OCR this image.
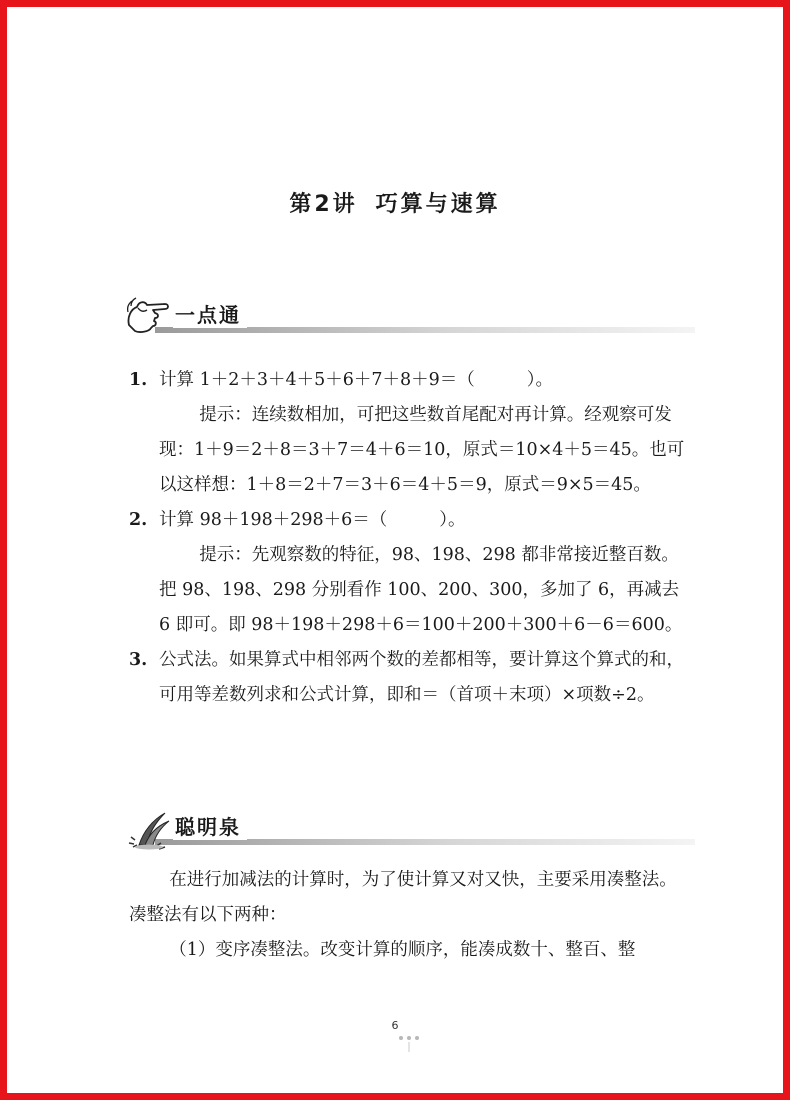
第2讲 巧算与速算
一点通
1. 计算 1＋2＋3＋4＋5＋6＋7＋8＋9＝（	）。

提示：连续数相加，可把这些数首尾配对再计算。经观察可发现：1＋9＝2＋8＝3＋7＝4＋6＝10，原式＝10×4＋5＝45。也可以这样想：1＋8＝2＋7＝3＋6＝4＋5＝9，原式＝9×5＝45。

2. 计算 98＋198＋298＋6＝（	）。

提示：先观察数的特征，98、198、298 都非常接近整百数。把 98、198、298 分别看作 100、200、300，多加了 6，再减去 6 即可。即 98＋198＋298＋6＝100＋200＋300＋6－6＝600。

3. 公式法。如果算式中相邻两个数的差都相等，要计算这个算式的和，可用等差数列求和公式计算，即和＝（首项＋末项）×项数÷2。

聪明泉

在进行加减法的计算时，为了使计算又对又快，主要采用凑整法。凑整法有以下两种：

（1）变序凑整法。改变计算的顺序，能凑成数十、整百、整

6
